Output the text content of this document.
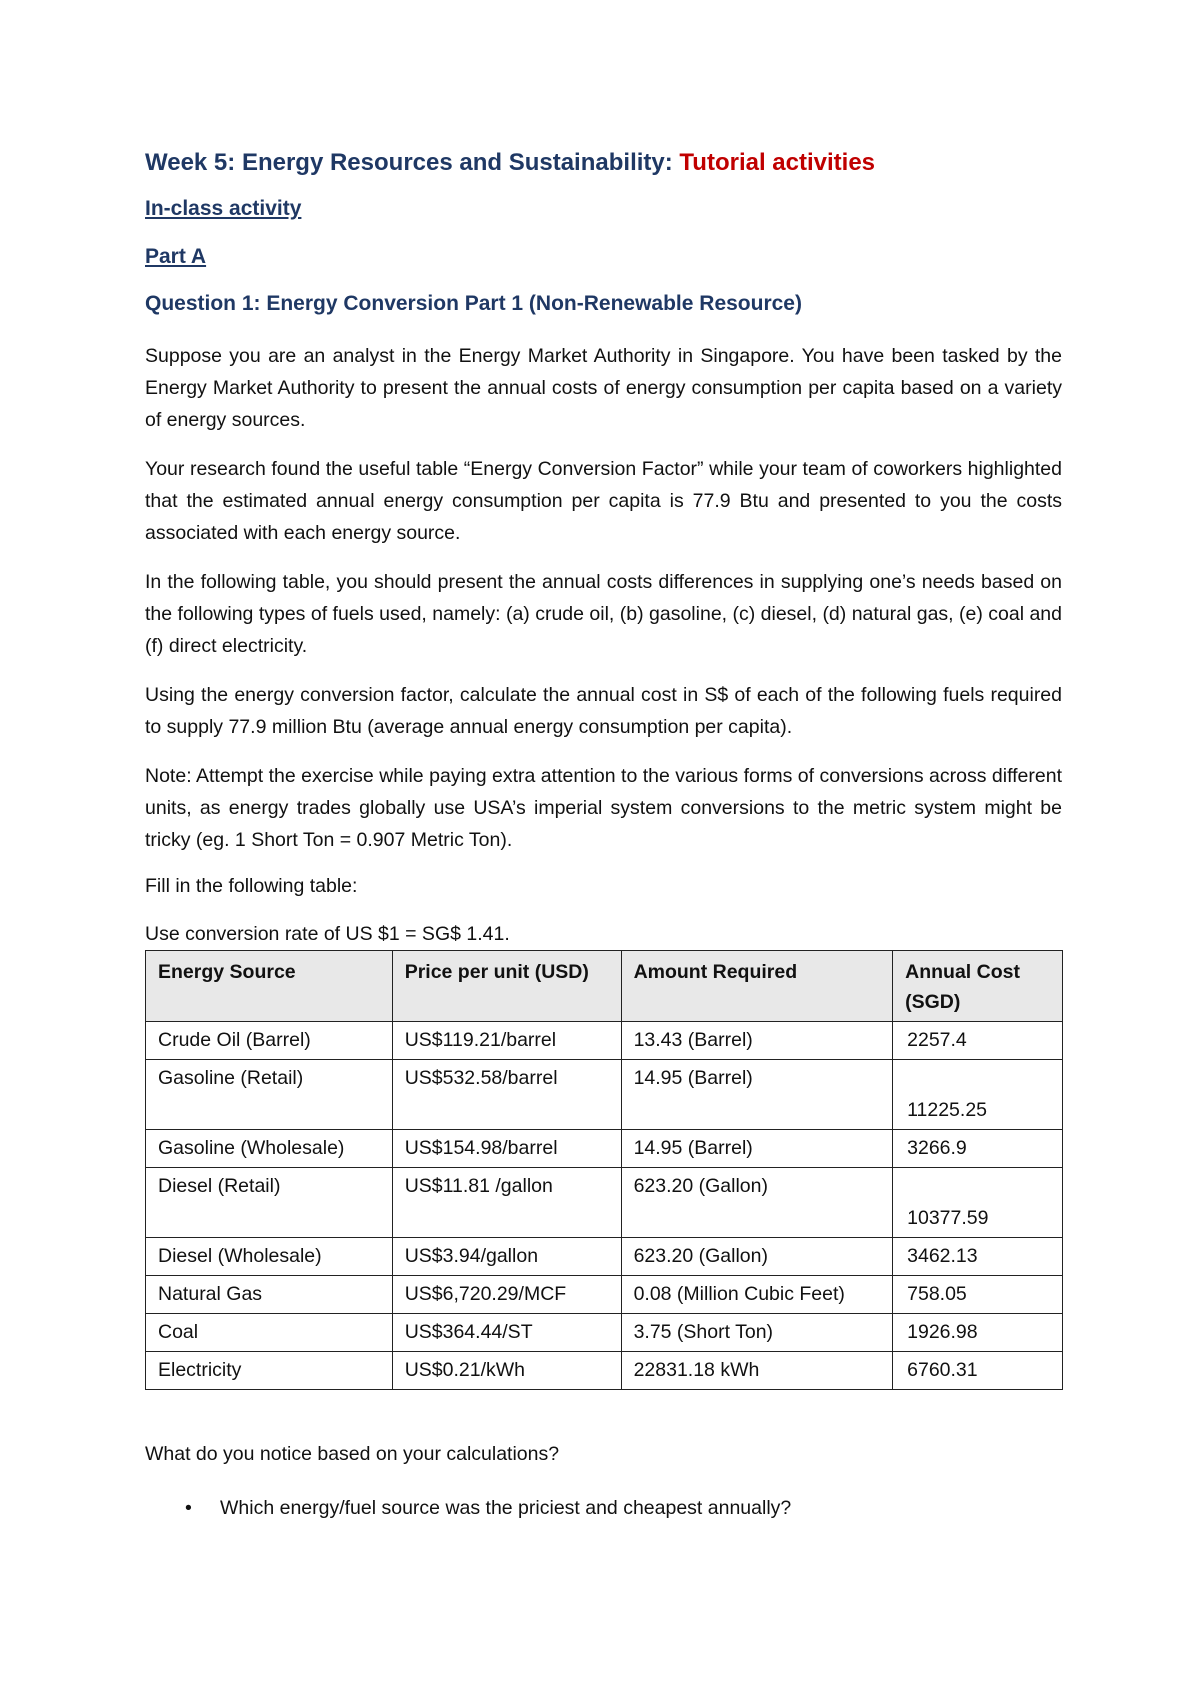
Week 5: Energy Resources and Sustainability: Tutorial activities
In-class activity
Part A
Question 1: Energy Conversion Part 1 (Non-Renewable Resource)
Suppose you are an analyst in the Energy Market Authority in Singapore. You have been tasked by the Energy Market Authority to present the annual costs of energy consumption per capita based on a variety of energy sources.
Your research found the useful table “Energy Conversion Factor” while your team of coworkers highlighted that the estimated annual energy consumption per capita is 77.9 Btu and presented to you the costs associated with each energy source.
In the following table, you should present the annual costs differences in supplying one’s needs based on the following types of fuels used, namely: (a) crude oil, (b) gasoline, (c) diesel, (d) natural gas, (e) coal and (f) direct electricity.
Using the energy conversion factor, calculate the annual cost in S$ of each of the following fuels required to supply 77.9 million Btu (average annual energy consumption per capita).
Note: Attempt the exercise while paying extra attention to the various forms of conversions across different units, as energy trades globally use USA’s imperial system conversions to the metric system might be tricky (eg. 1 Short Ton = 0.907 Metric Ton).
Fill in the following table:
Use conversion rate of US $1 = SG$ 1.41.
Energy Source	Price per unit (USD)	Amount Required	Annual Cost (SGD)
Crude Oil (Barrel)	US$119.21/barrel	13.43 (Barrel)	2257.4
Gasoline (Retail)	US$532.58/barrel	14.95 (Barrel)	11225.25
Gasoline (Wholesale)	US$154.98/barrel	14.95 (Barrel)	3266.9
Diesel (Retail)	US$11.81 /gallon	623.20 (Gallon)	10377.59
Diesel (Wholesale)	US$3.94/gallon	623.20 (Gallon)	3462.13
Natural Gas	US$6,720.29/MCF	0.08 (Million Cubic Feet)	758.05
Coal	US$364.44/ST	3.75 (Short Ton)	1926.98
Electricity	US$0.21/kWh	22831.18 kWh	6760.31
What do you notice based on your calculations?
• Which energy/fuel source was the priciest and cheapest annually?
